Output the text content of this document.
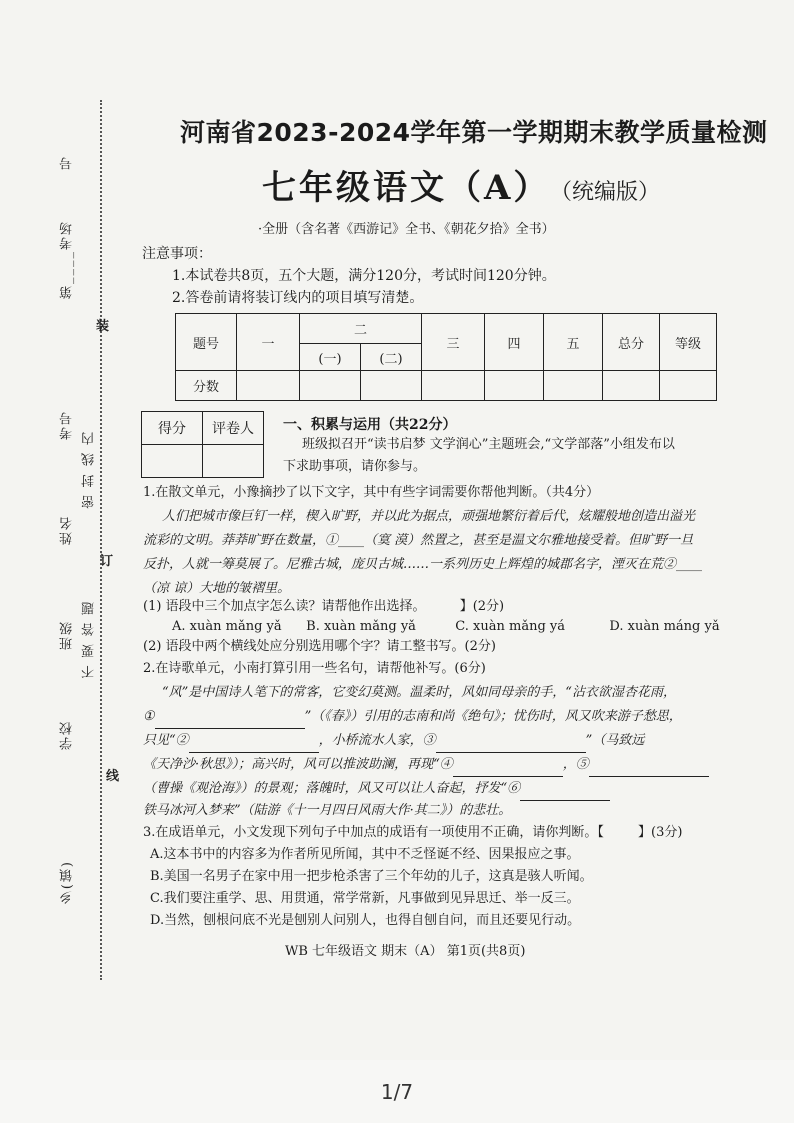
装
订
线
号
第____考场
考号
姓名
班级
学校
乡(镇)
密 封 线 内
不 要 答 题
河南省2023-2024学年第一学期期末教学质量检测
七年级语文（A） （统编版）
·全册（含名著《西游记》全书、《朝花夕拾》全书）
注意事项：
1.本试卷共8页，五个大题，满分120分，考试时间120分钟。
2.答卷前请将装订线内的项目填写清楚。
题号	一	二		三	四	五	总分	等级
		(一)	(二)					
分数								
得分	评卷人
	一、积累与运用（共22分）
班级拟召开“读书启梦 文学润心”主题班会,“文学部落”小组发布以
下求助事项，请你参与。
1.在散文单元，小豫摘抄了以下文字，其中有些字词需要你帮他判断。（共4分）
人们把城市像巨钉一样，楔入旷野，并以此为据点，顽强地繁衍着后代，炫耀般地创造出溢光
流彩的文明。莽莽旷野在数量，①____（寞 漠）然置之，甚至是温文尔雅地接受着。但旷野一旦
反扑，人就一筹莫展了。尼雅古城，庞贝古城……一系列历史上辉煌的城郡名字，湮灭在荒②____
（凉 谅）大地的皱褶里。
(1) 语段中三个加点字怎么读？请帮他作出选择。	】(2分)
A. xuàn mǎng yǎ B. xuàn mǎng yǎ	C. xuàn mǎng yá	D. xuàn máng yǎ
(2) 语段中两个横线处应分别选用哪个字？请工整书写。(2分)
2.在诗歌单元，小南打算引用一些名句，请帮他补写。(6分)
“风”是中国诗人笔下的常客，它变幻莫测。温柔时，风如同母亲的手，“沾衣欲湿杏花雨，
①	”（《春》）引用的志南和尚《绝句》；忧伤时，风又吹来游子愁思，
只见“②	，小桥流水人家，③	”（马致远
《天净沙·秋思》）；高兴时，风可以推波助澜，再现“④	，⑤
（曹操《观沧海》）的景观；落魄时，风又可以让人奋起，抒发“⑥
铁马冰河入梦来”（陆游《十一月四日风雨大作·其二》）的悲壮。
3.在成语单元，小文发现下列句子中加点的成语有一项使用不正确，请你判断。【	】(3分)
A.这本书中的内容多为作者所见所闻，其中不乏怪诞不经、因果报应之事。
B.美国一名男子在家中用一把步枪杀害了三个年幼的儿子，这真是骇人听闻。
C.我们要注重学、思、用贯通，常学常新，凡事做到见异思迁、举一反三。
D.当然，刨根问底不光是刨别人问别人，也得自刨自问，而且还要见行动。
WB 七年级语文 期末（A） 第1页(共8页)
1/7
